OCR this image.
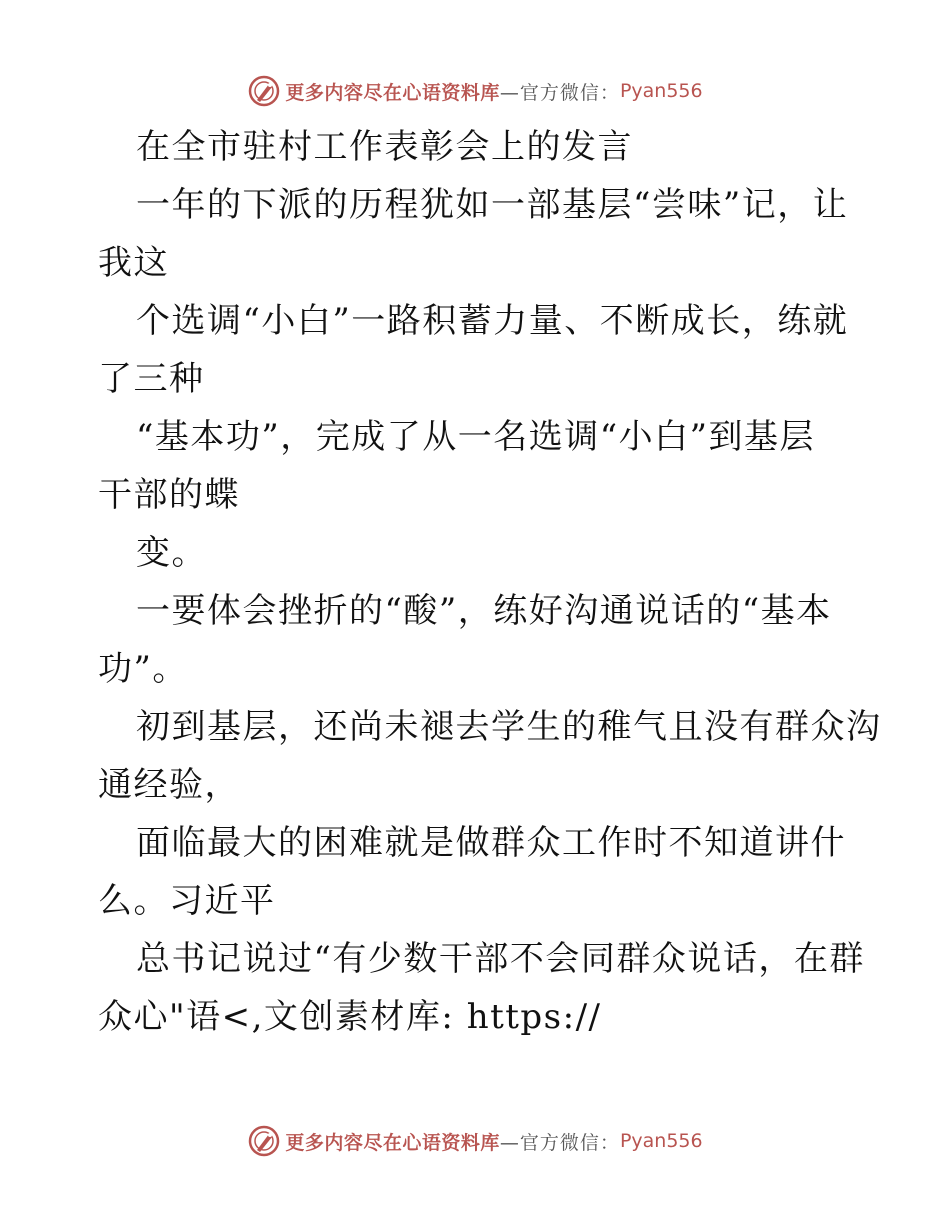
更多内容尽在心语资料库 —官方微信： Pyan556
在全市驻村工作表彰会上的发言
一年的下派的历程犹如一部基层“尝味”记，让
我这
个选调“小白”一路积蓄力量、不断成长，练就
了三种
“基本功”，完成了从一名选调“小白”到基层
干部的蝶
变。
一要体会挫折的“酸”，练好沟通说话的“基本
功”。
初到基层，还尚未褪去学生的稚气且没有群众沟
通经验，
面临最大的困难就是做群众工作时不知道讲什
么。习近平
总书记说过“有少数干部不会同群众说话，在群
众心"语<,文创素材库: https://
更多内容尽在心语资料库 —官方微信： Pyan556
